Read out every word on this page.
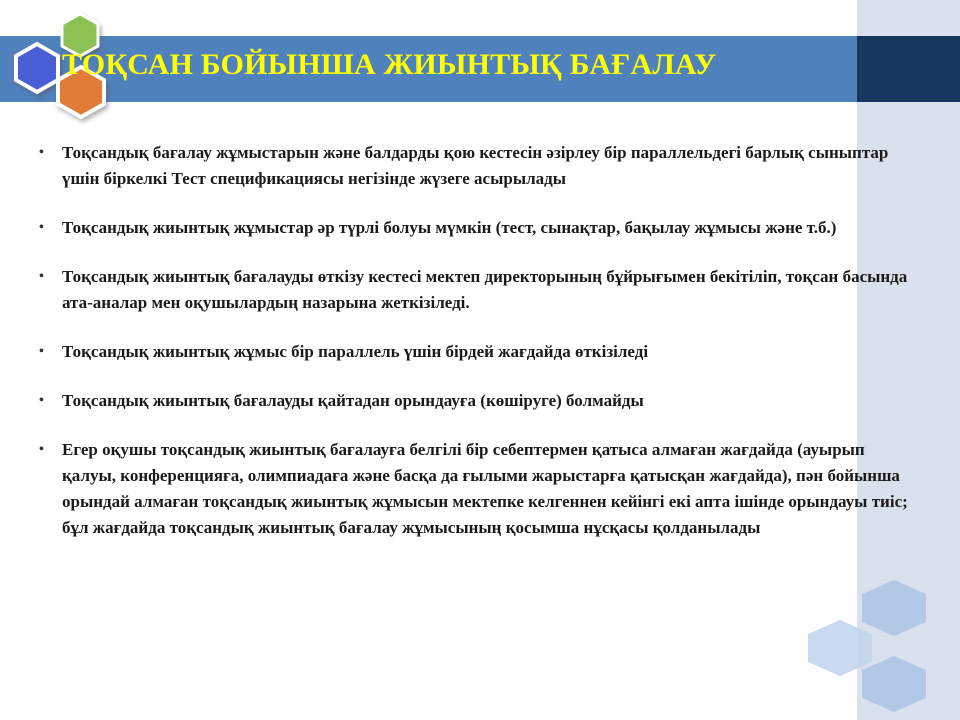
ТОҚСАН БОЙЫНША ЖИЫНТЫҚ БАҒАЛАУ
• Тоқсандық бағалау жұмыстарын және балдарды қою кестесін әзірлеу бір параллельдегі барлық сыныптар үшін біркелкі Тест спецификациясы негізінде жүзеге асырылады
• Тоқсандық жиынтық жұмыстар әр түрлі болуы мүмкін (тест, сынақтар, бақылау жұмысы және т.б.)
• Тоқсандық жиынтық бағалауды өткізу кестесі мектеп директорының бұйрығымен бекітіліп, тоқсан басында ата-аналар мен оқушылардың назарына жеткізіледі.
• Тоқсандық жиынтық жұмыс бір параллель үшін бірдей жағдайда өткізіледі
• Тоқсандық жиынтық бағалауды қайтадан орындауға (көшіруге) болмайды
• Егер оқушы тоқсандық жиынтық бағалауға белгілі бір себептермен қатыса алмаған жағдайда (ауырып қалуы, конференцияға, олимпиадаға және басқа да ғылыми жарыстарға қатысқан жағдайда), пән бойынша орындай алмаған тоқсандық жиынтық жұмысын мектепке келгеннен кейінгі екі апта ішінде орындауы тиіс; бұл жағдайда тоқсандық жиынтық бағалау жұмысының қосымша нұсқасы қолданылады
